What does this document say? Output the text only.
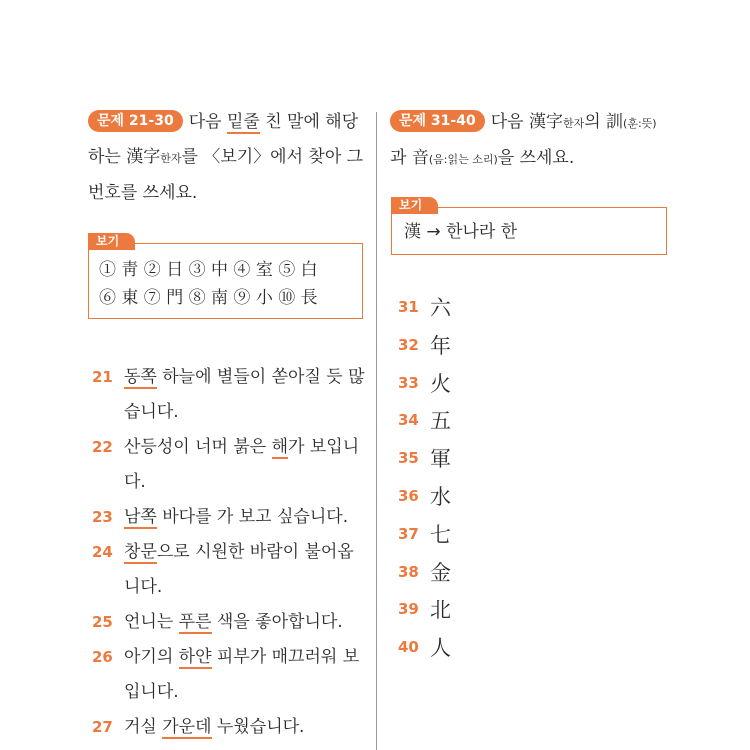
문제 21-30 다음 밑줄 친 말에 해당 하는 漢字한자를 〈보기〉에서 찾아 그 번호를 쓰세요.
보기
① 靑 ② 日 ③ 中 ④ 室 ⑤ 白
⑥ 東 ⑦ 門 ⑧ 南 ⑨ 小 ⑩ 長
21 동쪽 하늘에 별들이 쏟아질 듯 많습니다.
22 산등성이 너머 붉은 해가 보입니다.
23 남쪽 바다를 가 보고 싶습니다.
24 창문으로 시원한 바람이 불어옵니다.
25 언니는 푸른 색을 좋아합니다.
26 아기의 하얀 피부가 매끄러워 보입니다.
27 거실 가운데 누웠습니다.
문제 31-40 다음 漢字한자의 訓(훈:뜻) 과 音(음:읽는 소리)을 쓰세요.
보기
漢 → 한나라 한
31 六
32 年
33 火
34 五
35 軍
36 水
37 七
38 金
39 北
40 人
